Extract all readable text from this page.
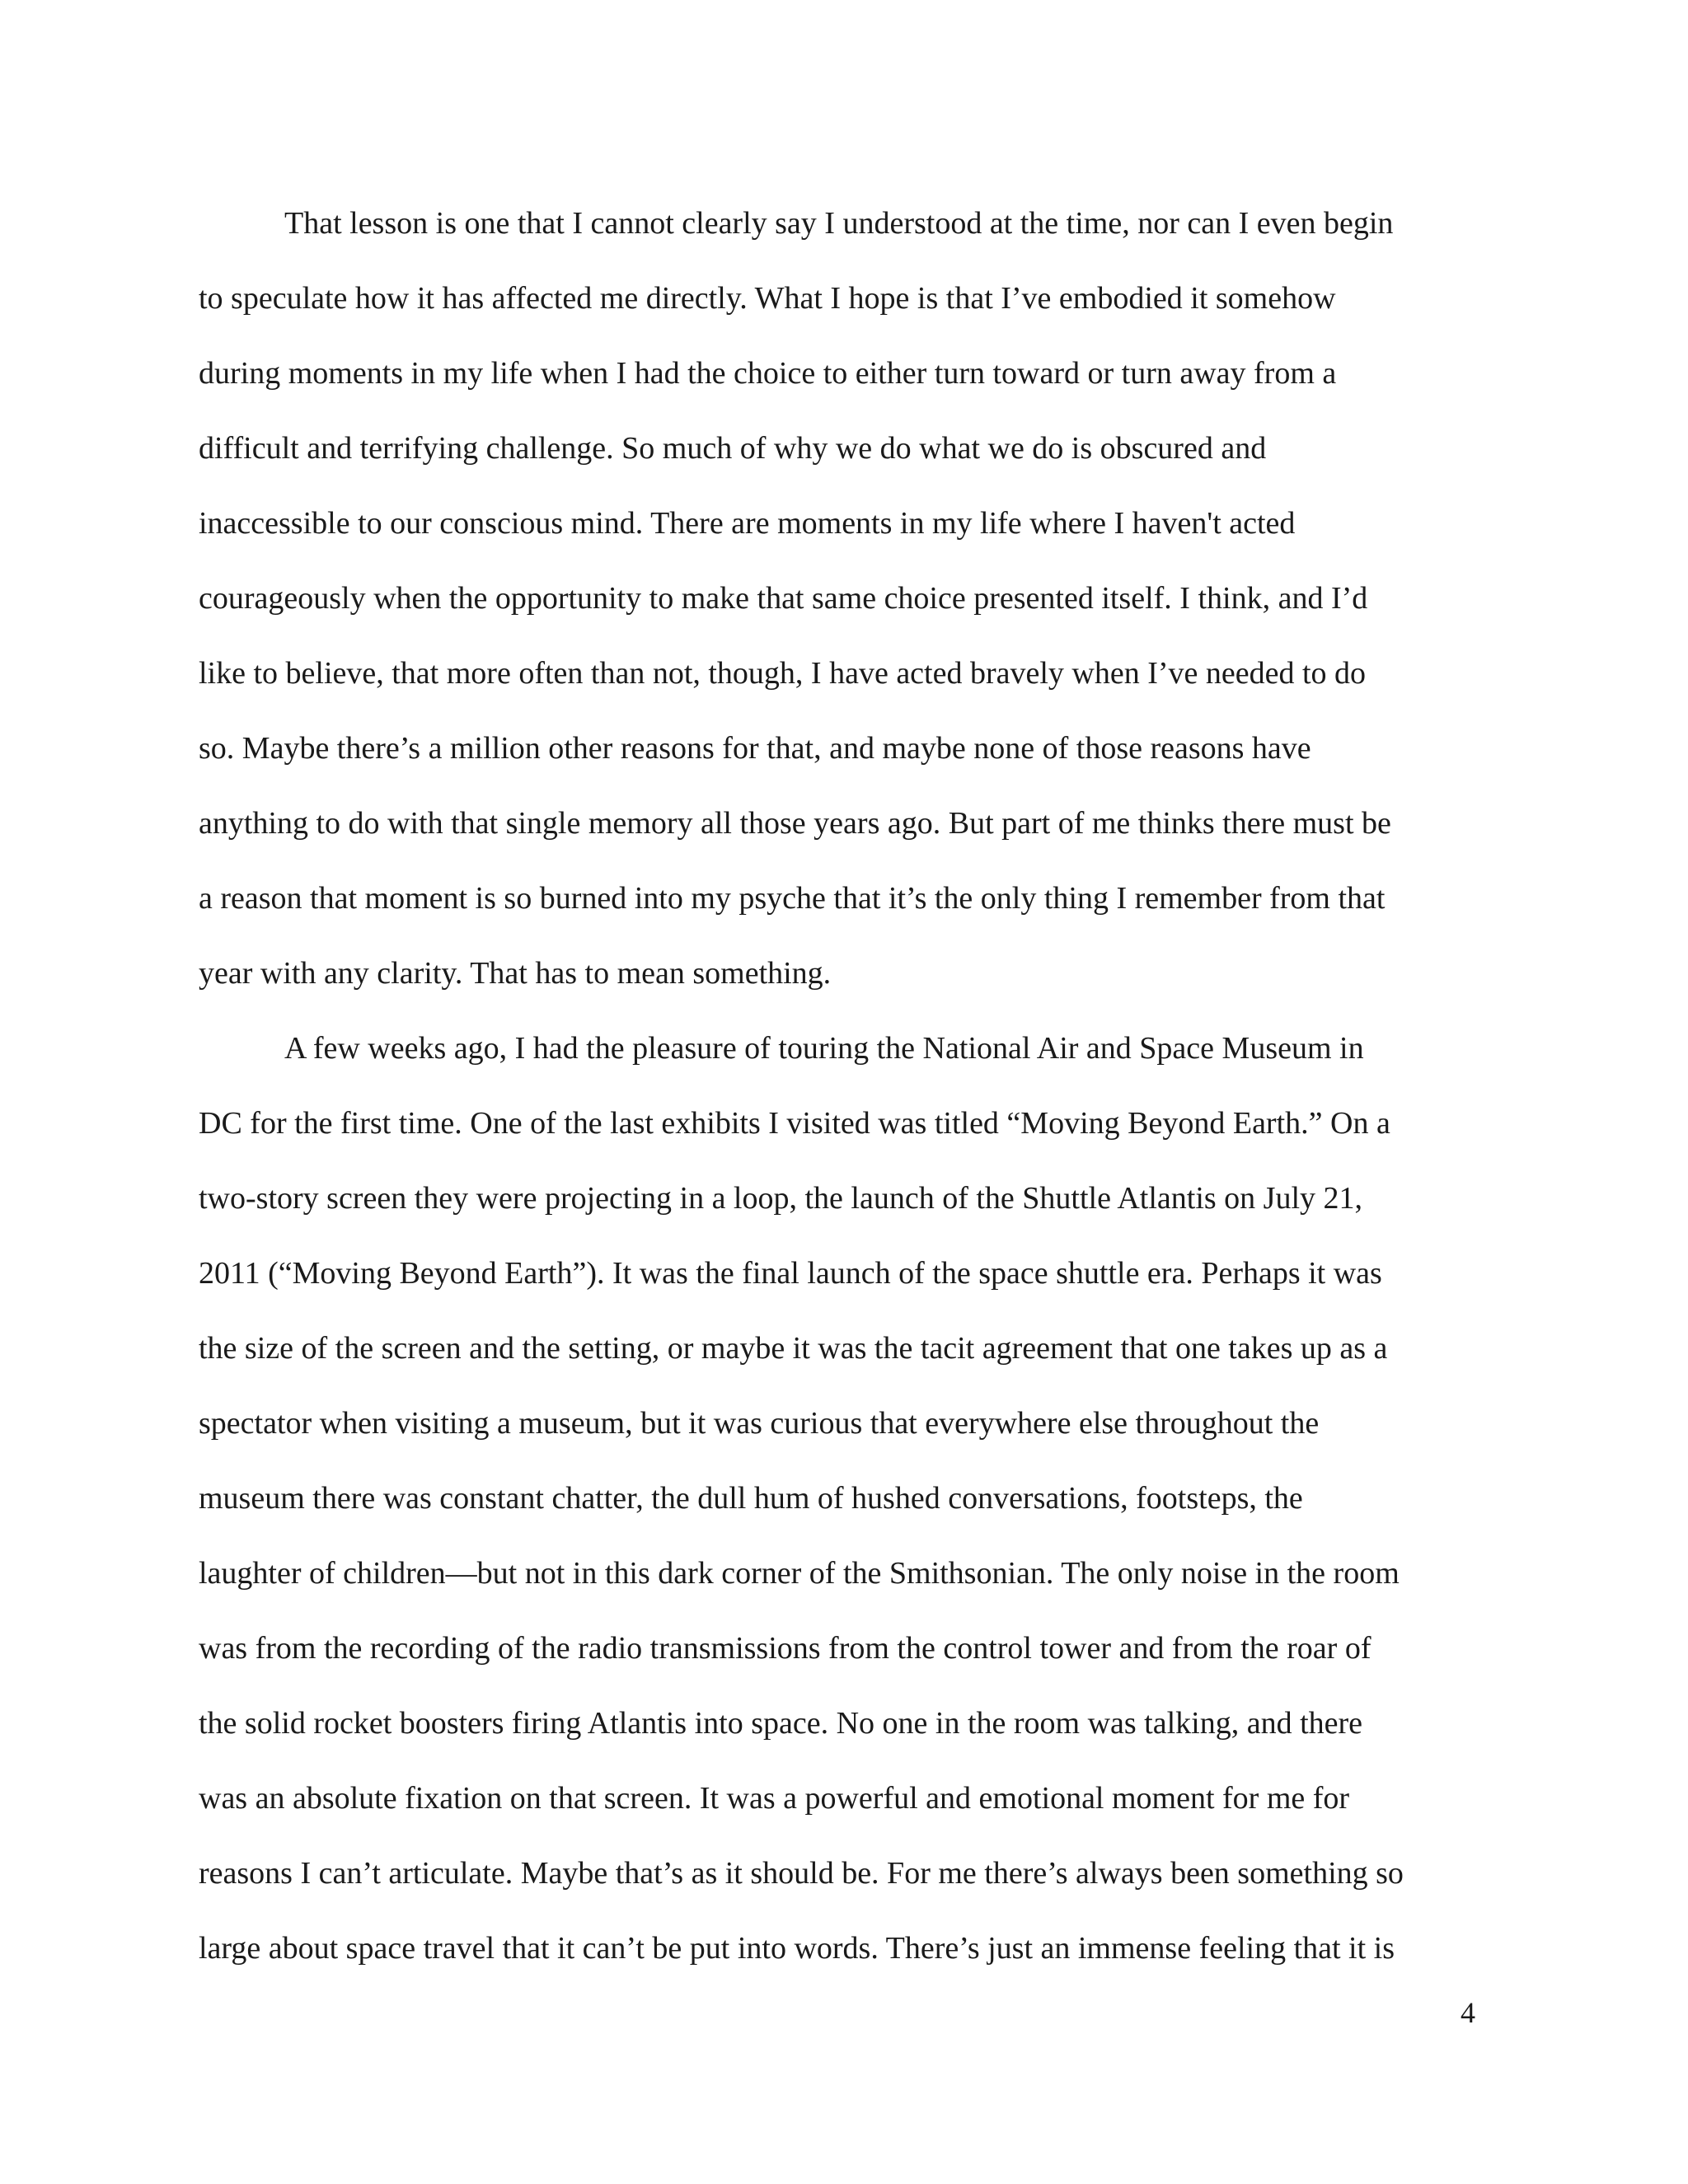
That lesson is one that I cannot clearly say I understood at the time, nor can I even begin
to speculate how it has affected me directly. What I hope is that I’ve embodied it somehow
during moments in my life when I had the choice to either turn toward or turn away from a
difficult and terrifying challenge. So much of why we do what we do is obscured and
inaccessible to our conscious mind. There are moments in my life where I haven't acted
courageously when the opportunity to make that same choice presented itself. I think, and I’d
like to believe, that more often than not, though, I have acted bravely when I’ve needed to do
so. Maybe there’s a million other reasons for that, and maybe none of those reasons have
anything to do with that single memory all those years ago. But part of me thinks there must be
a reason that moment is so burned into my psyche that it’s the only thing I remember from that
year with any clarity. That has to mean something.
A few weeks ago, I had the pleasure of touring the National Air and Space Museum in
DC for the first time. One of the last exhibits I visited was titled “Moving Beyond Earth.” On a
two-story screen they were projecting in a loop, the launch of the Shuttle Atlantis on July 21,
2011 (“Moving Beyond Earth”). It was the final launch of the space shuttle era. Perhaps it was
the size of the screen and the setting, or maybe it was the tacit agreement that one takes up as a
spectator when visiting a museum, but it was curious that everywhere else throughout the
museum there was constant chatter, the dull hum of hushed conversations, footsteps, the
laughter of children—but not in this dark corner of the Smithsonian. The only noise in the room
was from the recording of the radio transmissions from the control tower and from the roar of
the solid rocket boosters firing Atlantis into space. No one in the room was talking, and there
was an absolute fixation on that screen. It was a powerful and emotional moment for me for
reasons I can’t articulate. Maybe that’s as it should be. For me there’s always been something so
large about space travel that it can’t be put into words. There’s just an immense feeling that it is
4
